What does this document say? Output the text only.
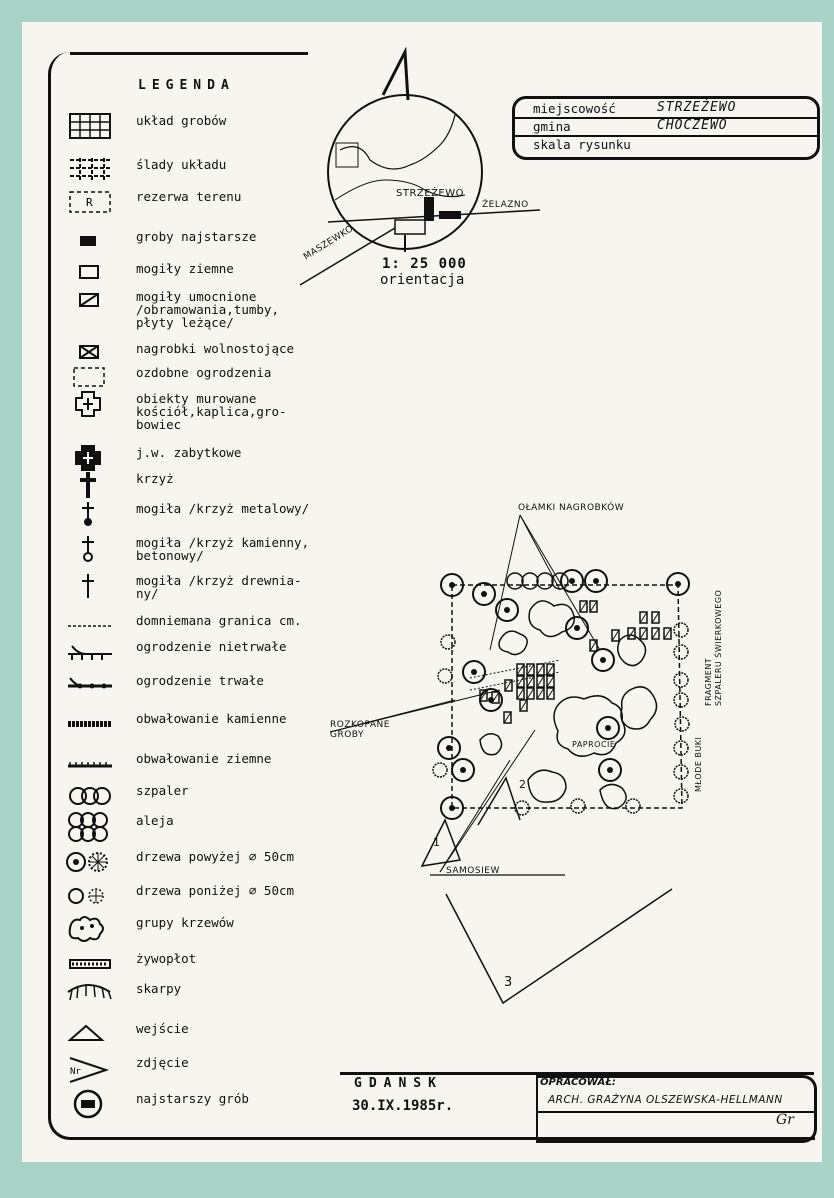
LEGENDA
układ grobów
ślady układu
R	rezerwa terenu
groby najstarsze
mogiły ziemne
mogiły umocnione
/obramowania,tumby,
płyty leżące/
nagrobki wolnostojące
ozdobne ogrodzenia
obiekty murowane
kościół,kaplica,gro-
bowiec
j.w. zabytkowe
krzyż
mogiła /krzyż metalowy/
mogiła /krzyż kamienny,
betonowy/
mogiła /krzyż drewnia-
ny/
domniemana granica cm.
ogrodzenie nietrwałe
ogrodzenie trwałe
obwałowanie kamienne
obwałowanie ziemne
szpaler
aleja
drzewa powyżej ⌀ 50cm
drzewa poniżej ⌀ 50cm
grupy krzewów
żywopłot
skarpy
wejście
Nr
zdjęcie
najstarszy grób
miejscowość	STRZEŻEWO
gmina	CHOCZEWO
skala rysunku
STRZEŻEWO
ŻELAZNO
MASZEWKO
1: 25 000
orientacja
OŁAMKI NAGROBKÓW
ROZKOPANE
GROBY
PAPROCIE	MŁODE BUKI
FRAGMENT
SZPALERU ŚWIERKOWEGO
SAMOSIEW
1
2
3
GDANSK
30.IX.1985r.
OPRACOWAŁ:
ARCH. GRAŻYNA OLSZEWSKA-HELLMANN
Gr
